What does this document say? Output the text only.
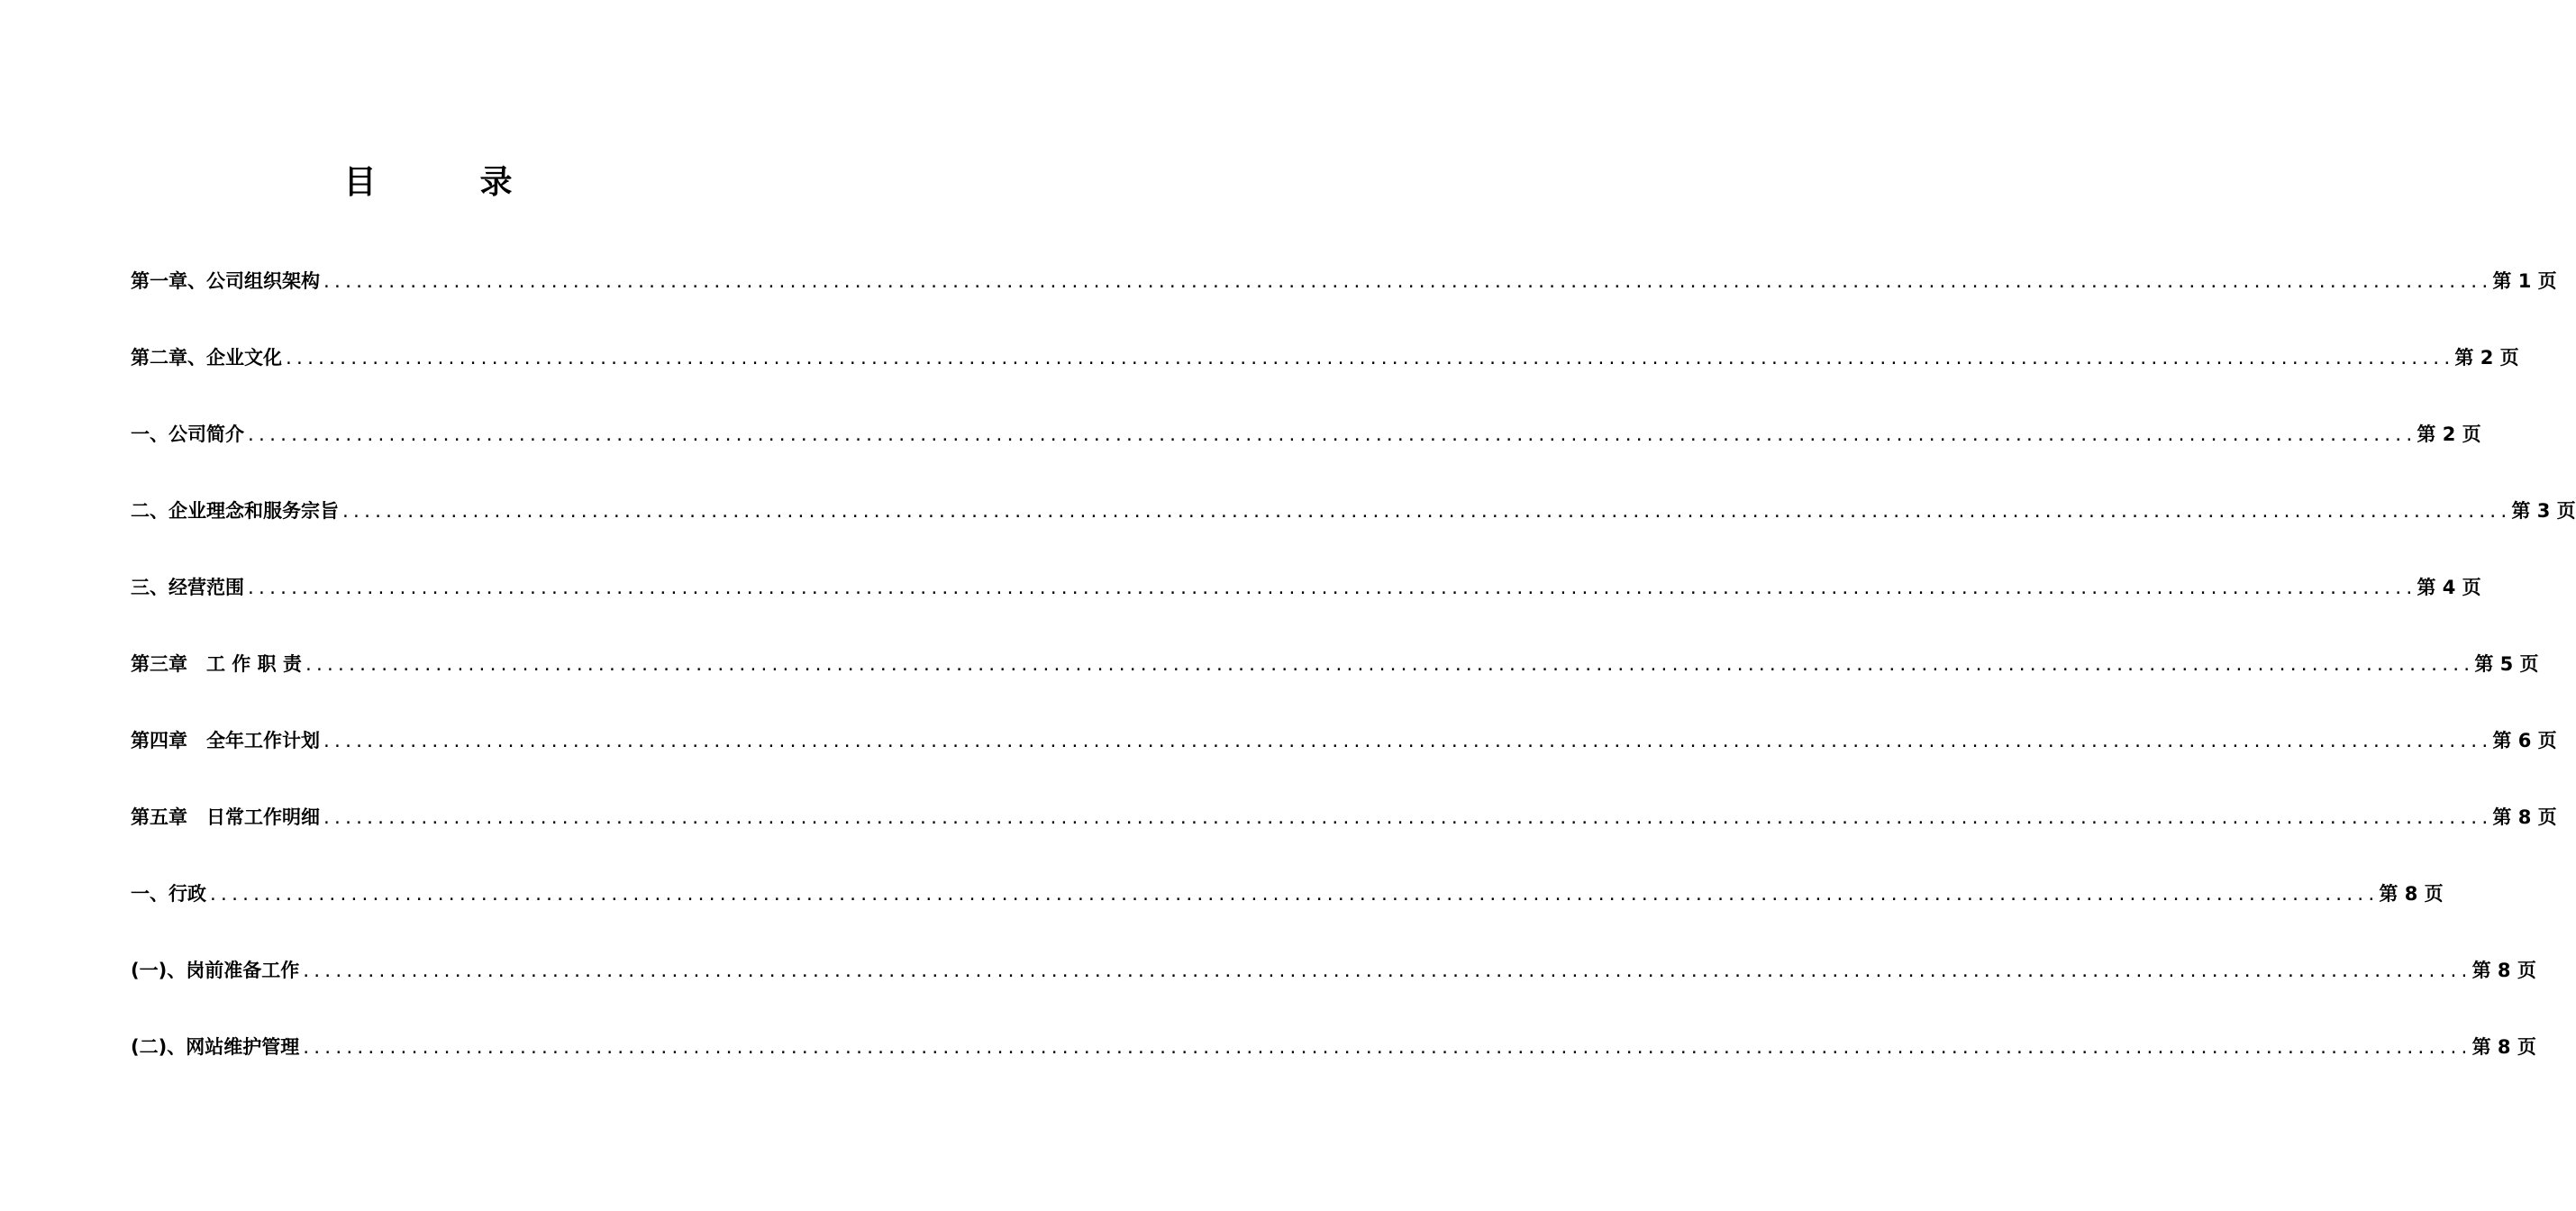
目录
第一章、公司组织架构 ........................................................................................................................................................................................................ 第 1 页
第二章、企业文化 ........................................................................................................................................................................................................ 第 2 页
一、公司简介 ........................................................................................................................................................................................................ 第 2 页
二、企业理念和服务宗旨 ........................................................................................................................................................................................................ 第 3 页
三、经营范围 ........................................................................................................................................................................................................ 第 4 页
第三章　工 作 职 责 ........................................................................................................................................................................................................ 第 5 页
第四章　全年工作计划 ........................................................................................................................................................................................................ 第 6 页
第五章　日常工作明细 ........................................................................................................................................................................................................ 第 8 页
一、行政 ........................................................................................................................................................................................................ 第 8 页
(一)、岗前准备工作 ........................................................................................................................................................................................................ 第 8 页
(二)、网站维护管理 ........................................................................................................................................................................................................ 第 8 页
